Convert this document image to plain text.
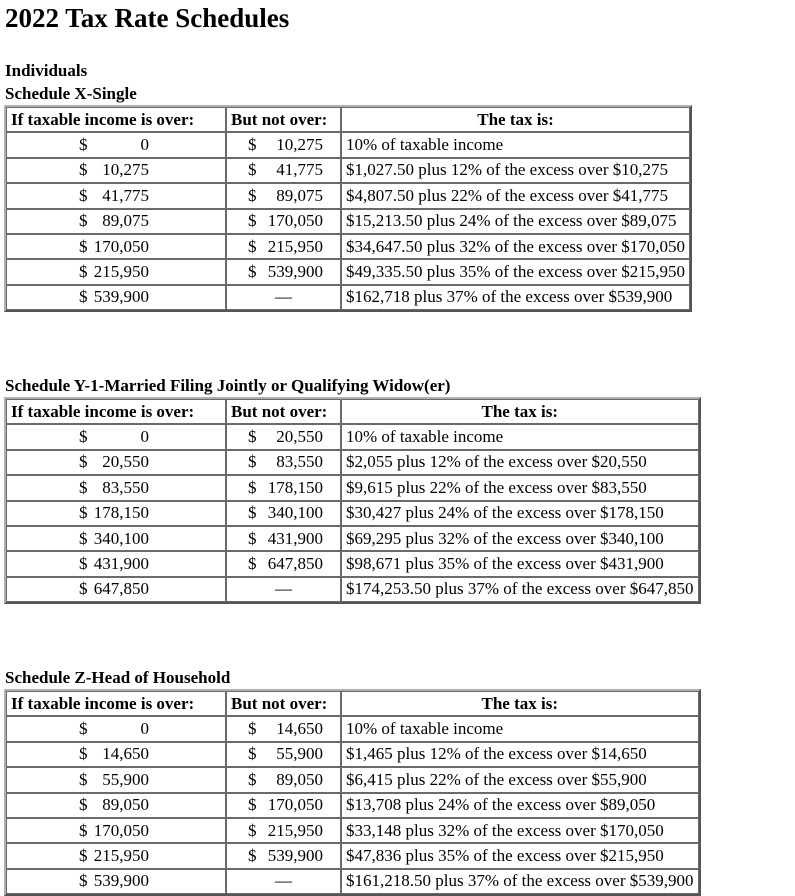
2022 Tax Rate Schedules
Individuals
Schedule X-Single
If taxable income is over:	But not over:	The tax is:

$ 0	$ 10,275	10% of taxable income

$ 10,275	$ 41,775	$1,027.50 plus 12% of the excess over $10,275

$ 41,775	$ 89,075	$4,807.50 plus 22% of the excess over $41,775

$ 89,075	$ 170,050	$15,213.50 plus 24% of the excess over $89,075

$ 170,050	$ 215,950	$34,647.50 plus 32% of the excess over $170,050

$ 215,950	$ 539,900	$49,335.50 plus 35% of the excess over $215,950

$ 539,900	—	$162,718 plus 37% of the excess over $539,900
Schedule Y-1-Married Filing Jointly or Qualifying Widow(er)
If taxable income is over:	But not over:	The tax is:

$ 0	$ 20,550	10% of taxable income

$ 20,550	$ 83,550	$2,055 plus 12% of the excess over $20,550

$ 83,550	$ 178,150	$9,615 plus 22% of the excess over $83,550

$ 178,150	$ 340,100	$30,427 plus 24% of the excess over $178,150

$ 340,100	$ 431,900	$69,295 plus 32% of the excess over $340,100

$ 431,900	$ 647,850	$98,671 plus 35% of the excess over $431,900

$ 647,850	—	$174,253.50 plus 37% of the excess over $647,850
Schedule Z-Head of Household
If taxable income is over:	But not over:	The tax is:

$ 0	$ 14,650	10% of taxable income

$ 14,650	$ 55,900	$1,465 plus 12% of the excess over $14,650

$ 55,900	$ 89,050	$6,415 plus 22% of the excess over $55,900

$ 89,050	$ 170,050	$13,708 plus 24% of the excess over $89,050

$ 170,050	$ 215,950	$33,148 plus 32% of the excess over $170,050

$ 215,950	$ 539,900	$47,836 plus 35% of the excess over $215,950

$ 539,900	—	$161,218.50 plus 37% of the excess over $539,900
